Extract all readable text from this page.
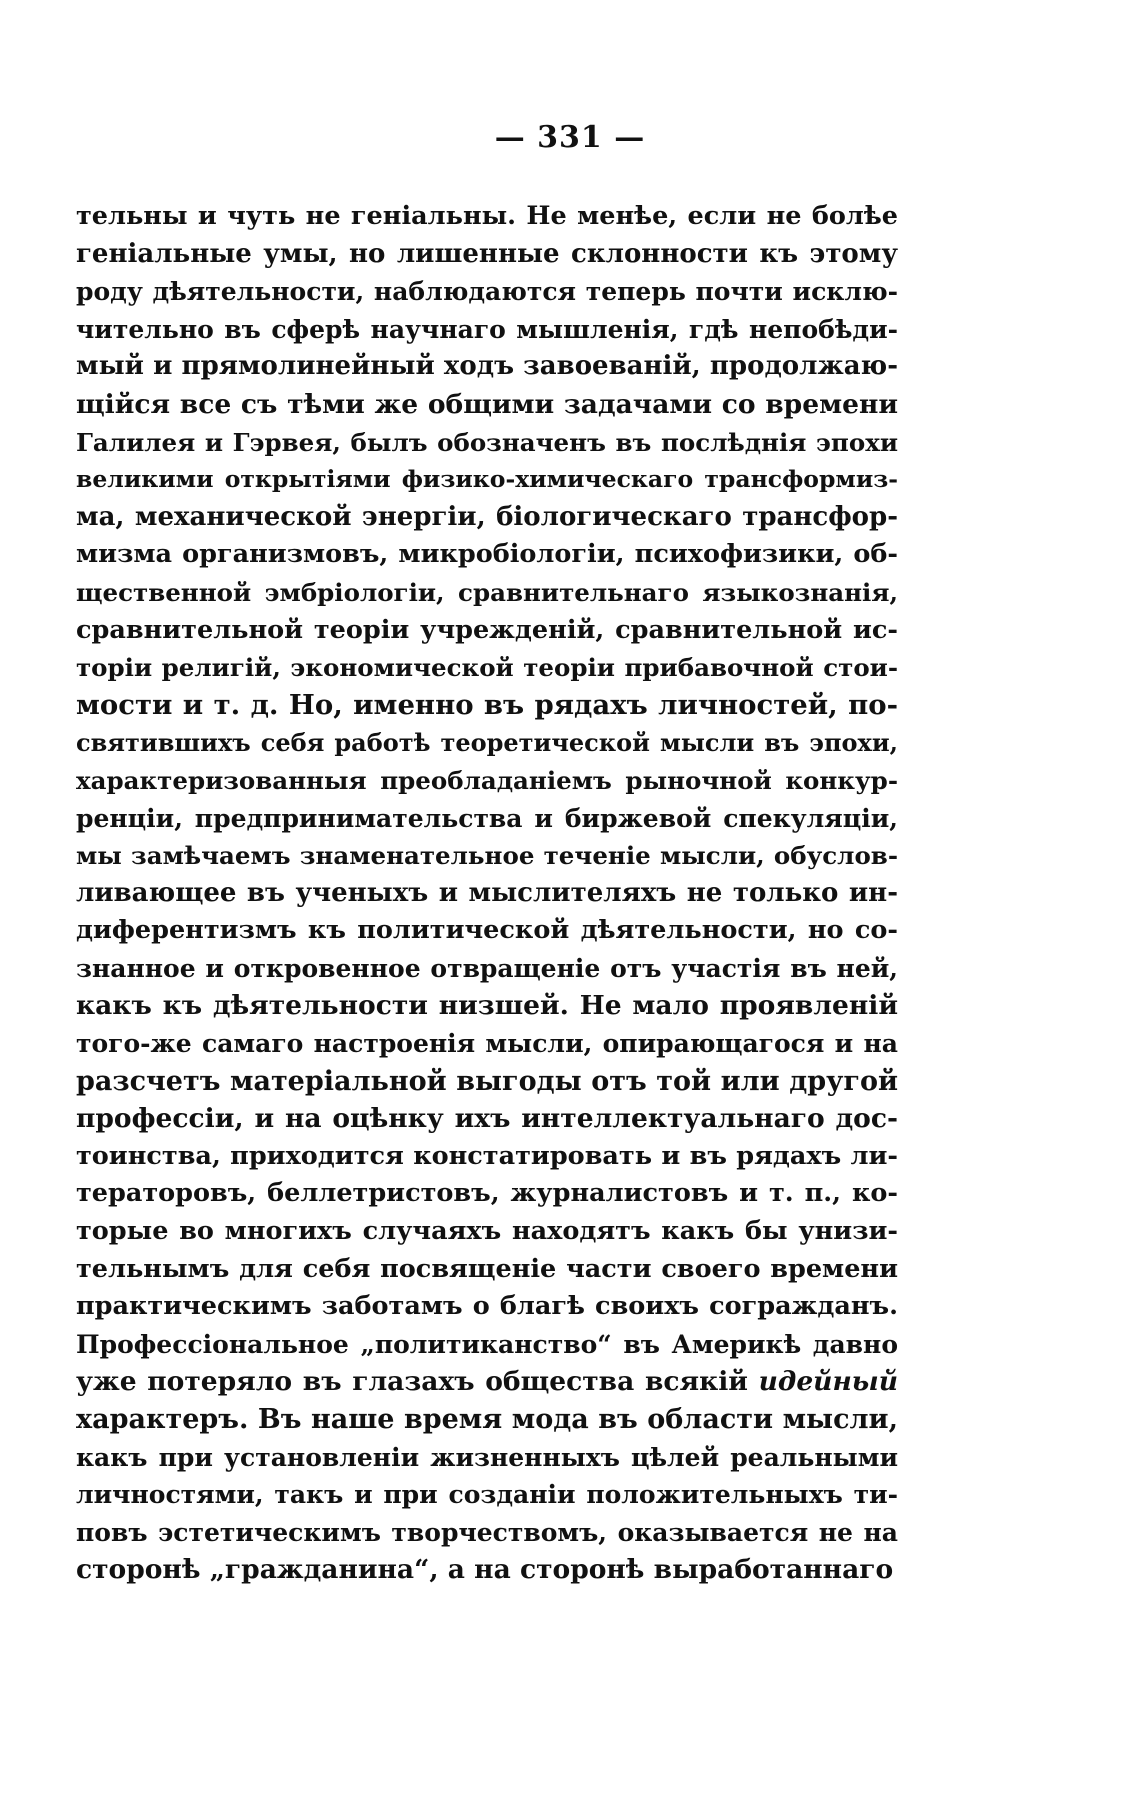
— 331 —
тельны и чуть не геніальны. Не менѣе, если не болѣе
геніальные умы, но лишенные склонности къ этому
роду дѣятельности, наблюдаются теперь почти исклю-
чительно въ сферѣ научнаго мышленія, гдѣ непобѣди-
мый и прямолинейный ходъ завоеваній, продолжаю-
щійся все съ тѣми же общими задачами со времени
Галилея и Гэрвея, былъ обозначенъ въ послѣднія эпохи
великими открытіями физико-химическаго трансформиз-
ма, механической энергіи, біологическаго трансфор-
мизма организмовъ, микробіологіи, психофизики, об-
щественной эмбріологіи, сравнительнаго языкознанія,
сравнительной теоріи учрежденій, сравнительной ис-
торіи религій, экономической теоріи прибавочной стои-
мости и т. д. Но, именно въ рядахъ личностей, по-
святившихъ себя работѣ теоретической мысли въ эпохи,
характеризованныя преобладаніемъ рыночной конкур-
ренціи, предпринимательства и биржевой спекуляціи,
мы замѣчаемъ знаменательное теченіе мысли, обуслов-
ливающее въ ученыхъ и мыслителяхъ не только ин-
диферентизмъ къ политической дѣятельности, но со-
знанное и откровенное отвращеніе отъ участія въ ней,
какъ къ дѣятельности низшей. Не мало проявленій
того-же самаго настроенія мысли, опирающагося и на
разсчетъ матеріальной выгоды отъ той или другой
профессіи, и на оцѣнку ихъ интеллектуальнаго дос-
тоинства, приходится констатировать и въ рядахъ ли-
тераторовъ, беллетристовъ, журналистовъ и т. п., ко-
торые во многихъ случаяхъ находятъ какъ бы унизи-
тельнымъ для себя посвященіе части своего времени
практическимъ заботамъ о благѣ своихъ согражданъ.
Профессіональное „политиканство“ въ Америкѣ давно
уже потеряло въ глазахъ общества всякій идейный
характеръ. Въ наше время мода въ области мысли,
какъ при установленіи жизненныхъ цѣлей реальными
личностями, такъ и при созданіи положительныхъ ти-
повъ эстетическимъ творчествомъ, оказывается не на
сторонѣ „гражданина“, а на сторонѣ выработаннаго
